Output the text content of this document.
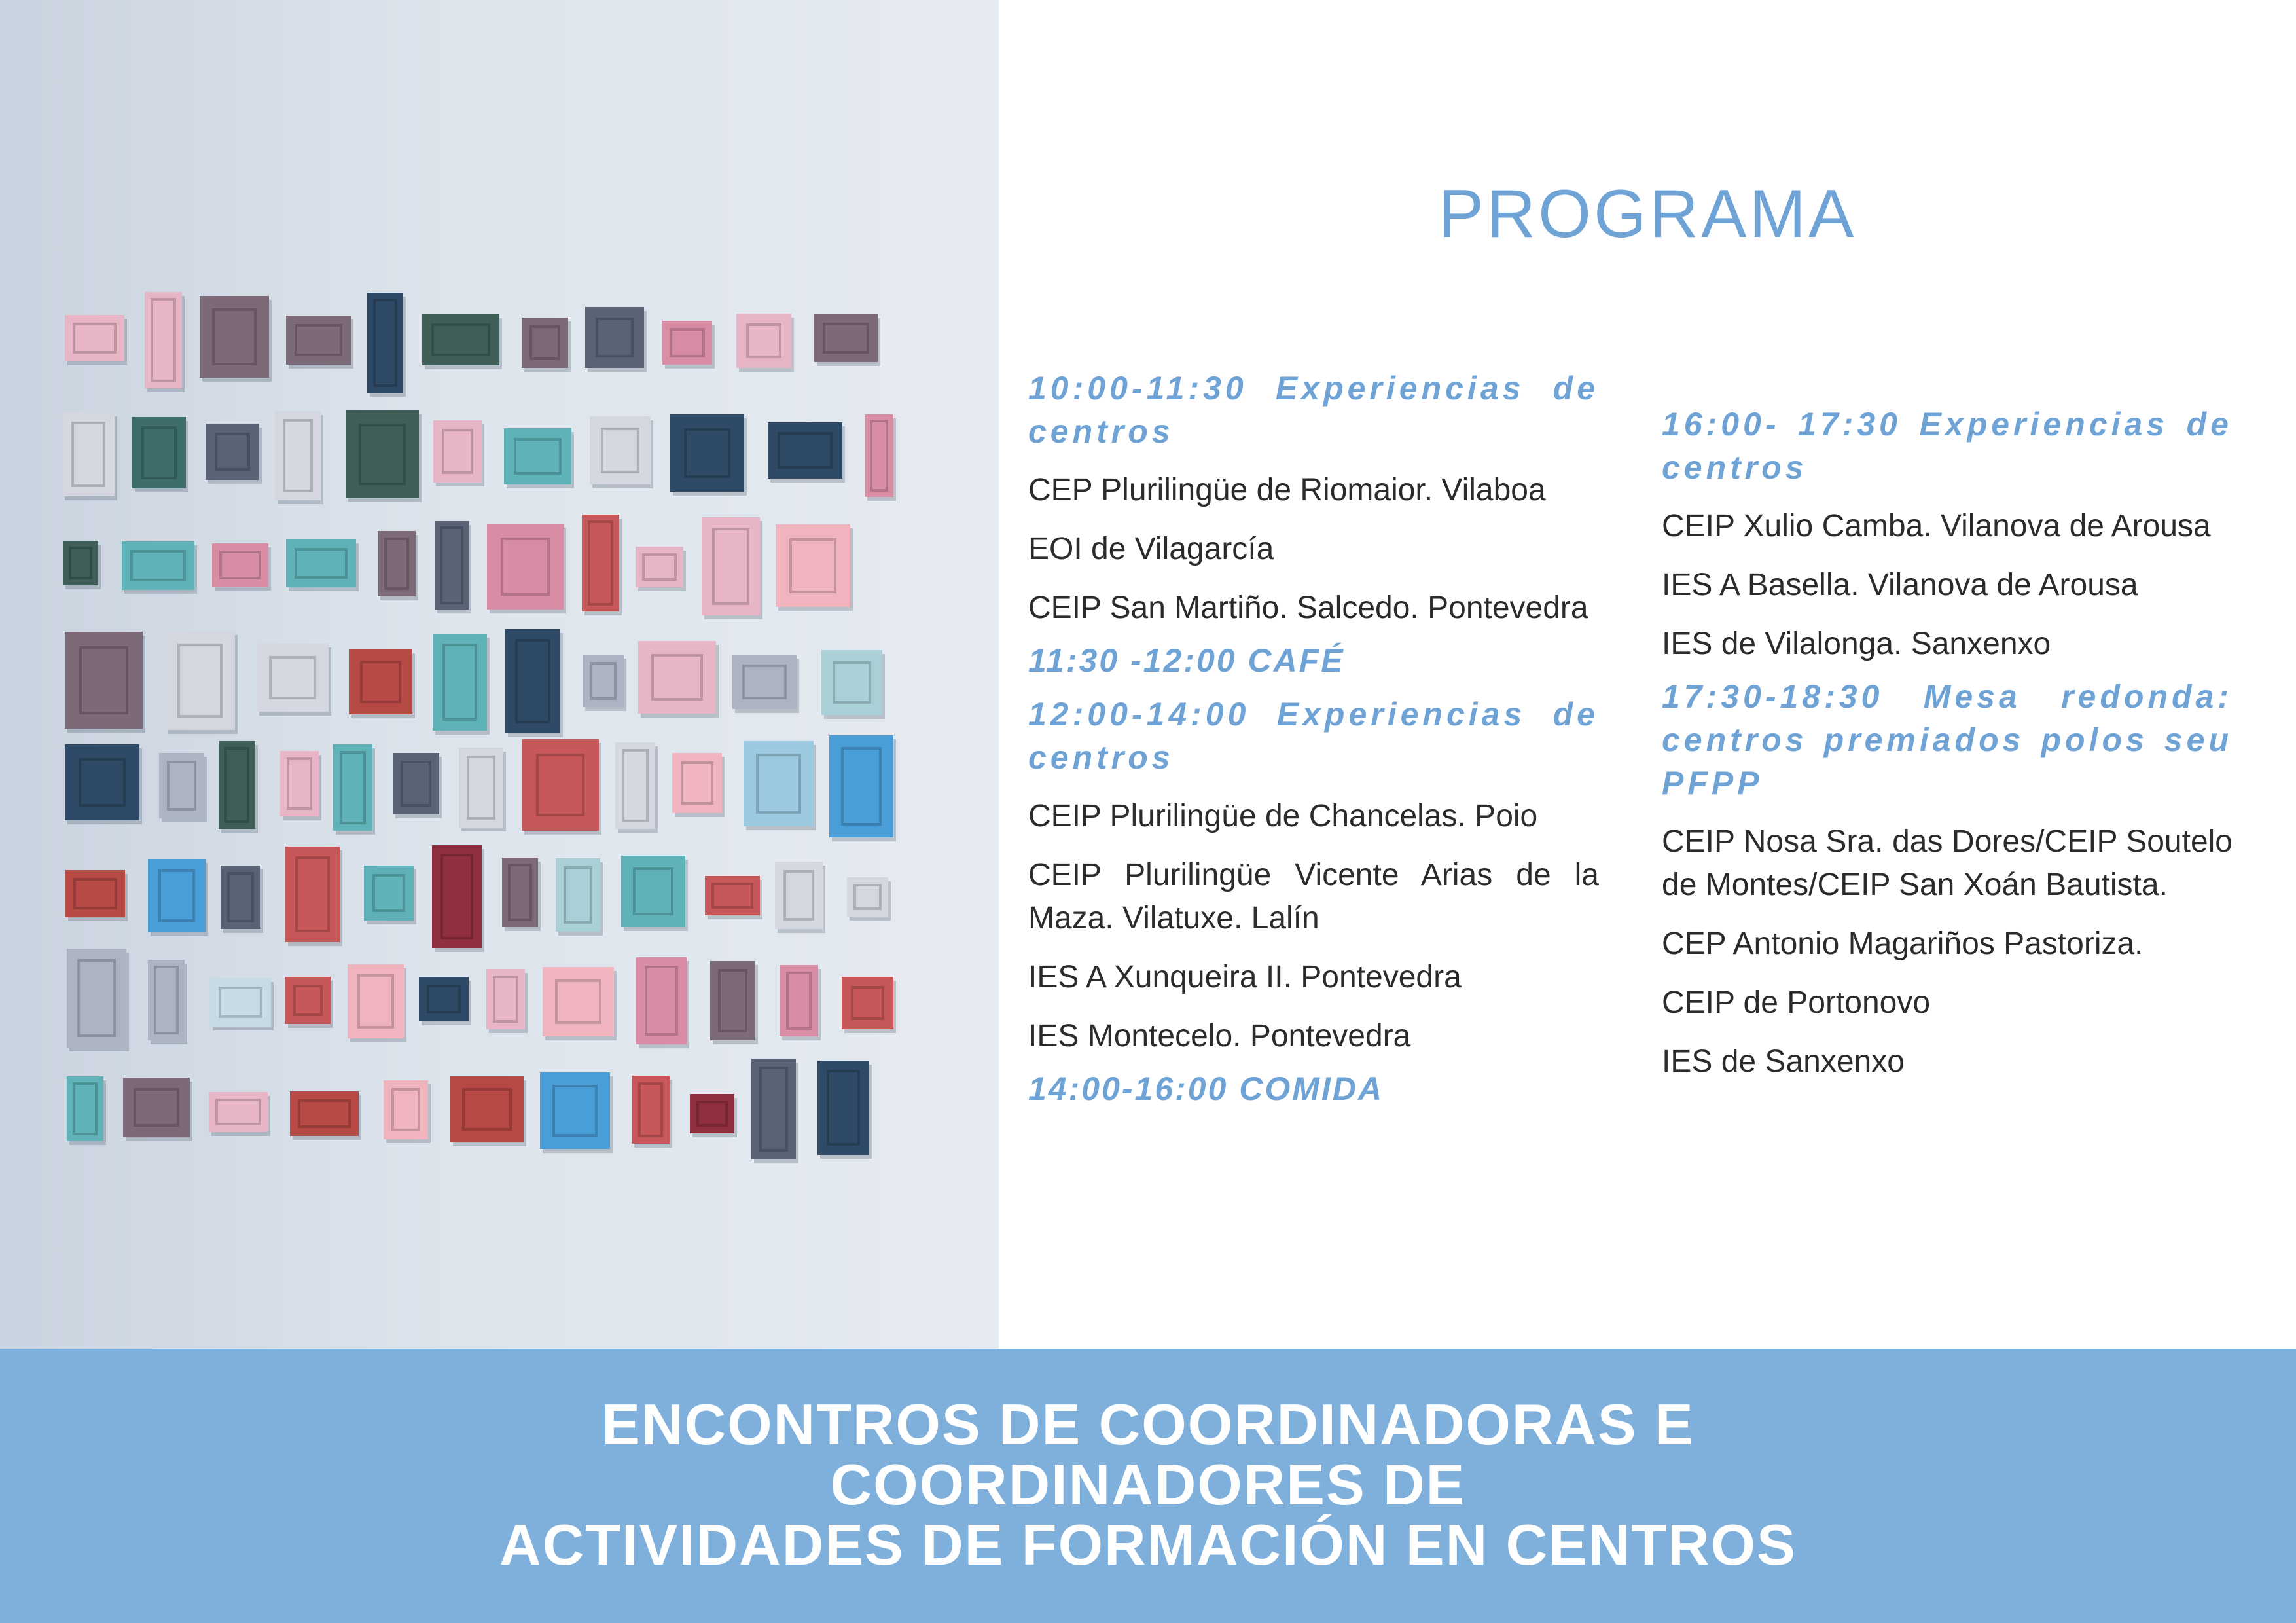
PROGRAMA

10:00-11:30 Experiencias de centros

CEP Plurilingüe de Riomaior. Vilaboa

EOI de Vilagarcía

CEIP San Martiño. Salcedo. Pontevedra

11:30 -12:00 CAFÉ

12:00-14:00 Experiencias de centros

CEIP Plurilingüe de Chancelas. Poio

CEIP Plurilingüe Vicente Arias de la Maza. Vilatuxe. Lalín

IES A Xunqueira II. Pontevedra

IES Montecelo. Pontevedra

14:00-16:00 COMIDA

16:00- 17:30 Experiencias de centros

CEIP Xulio Camba. Vilanova de Arousa

IES A Basella. Vilanova de Arousa

IES de Vilalonga. Sanxenxo

17:30-18:30 Mesa redonda: centros premiados polos seu PFPP

CEIP Nosa Sra. das Dores/CEIP Soutelo de Montes/CEIP San Xoán Bautista.

CEP Antonio Magariños Pastoriza.

CEIP de Portonovo

IES de Sanxenxo

ENCONTROS DE COORDINADORAS E
COORDINADORES DE
ACTIVIDADES DE FORMACIÓN EN CENTROS
